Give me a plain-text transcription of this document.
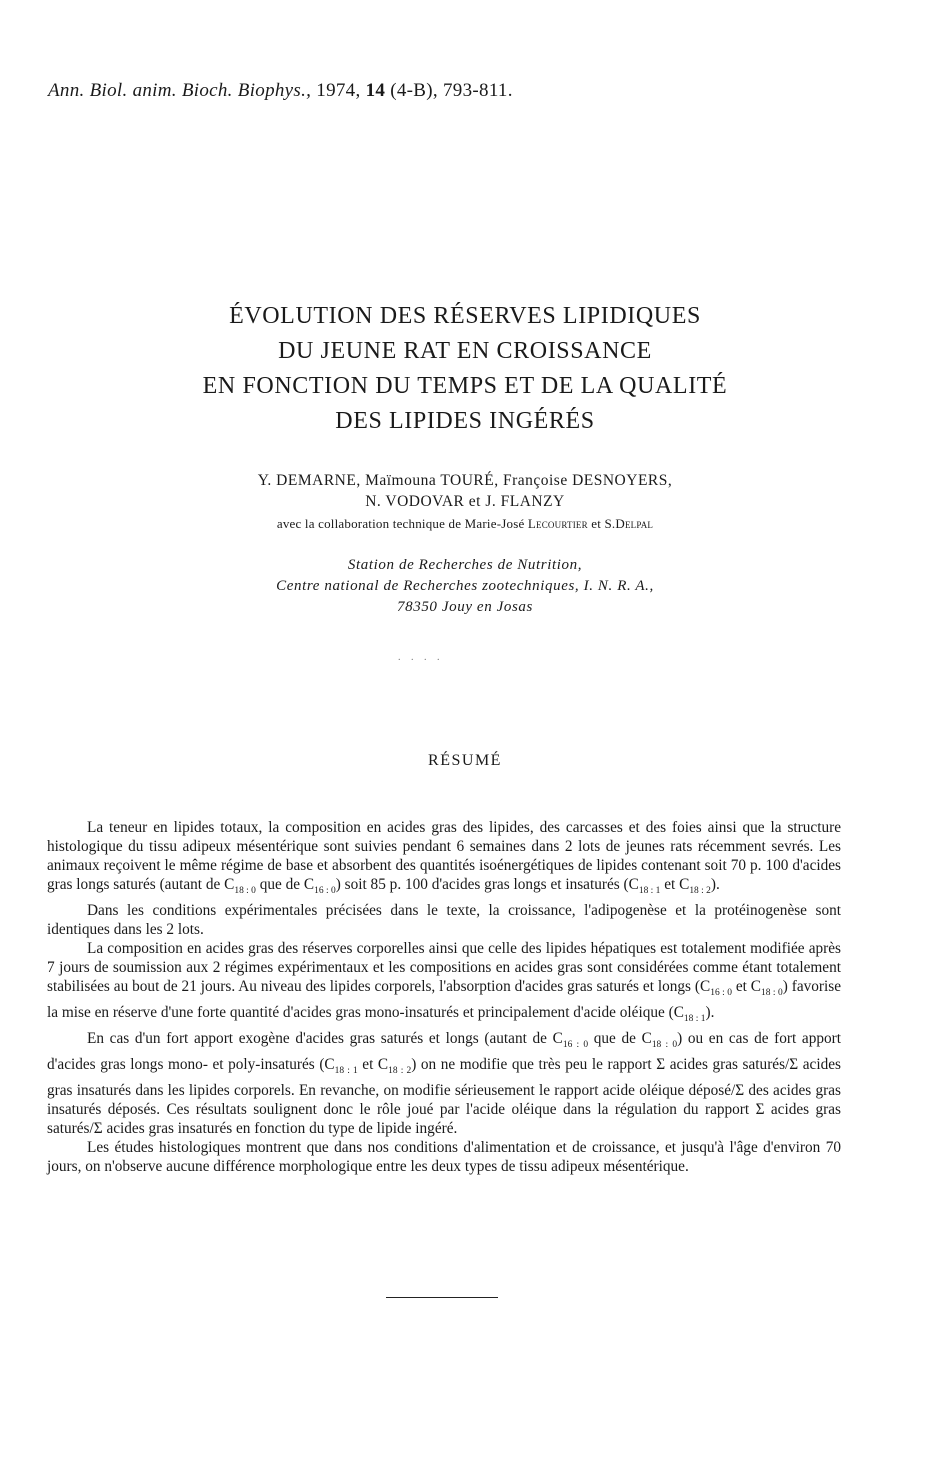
Ann. Biol. anim. Bioch. Biophys., 1974, 14 (4-B), 793-811.
ÉVOLUTION DES RÉSERVES LIPIDIQUES
DU JEUNE RAT EN CROISSANCE
EN FONCTION DU TEMPS ET DE LA QUALITÉ
DES LIPIDES INGÉRÉS
Y. DEMARNE, Maïmouna TOURÉ, Françoise DESNOYERS,
N. VODOVAR et J. FLANZY
avec la collaboration technique de Marie-José Lecourtier et S.Delpal
Station de Recherches de Nutrition,
Centre national de Recherches zootechniques, I. N. R. A.,
78350 Jouy en Josas
. . . .
RÉSUMÉ

La teneur en lipides totaux, la composition en acides gras des lipides, des carcasses et des foies ainsi que la structure histologique du tissu adipeux mésentérique sont suivies pendant 6 semaines dans 2 lots de jeunes rats récemment sevrés. Les animaux reçoivent le même régime de base et absorbent des quantités isoénergétiques de lipides contenant soit 70 p. 100 d'acides gras longs saturés (autant de $C_{18 : 0}$ que de $C_{16 : 0}$) soit 85 p. 100 d'acides gras longs et insaturés ($C_{18 : 1}$ et $C_{18 : 2}$).

Dans les conditions expérimentales précisées dans le texte, la croissance, l'adipogenèse et la protéinogenèse sont identiques dans les 2 lots.

La composition en acides gras des réserves corporelles ainsi que celle des lipides hépatiques est totalement modifiée après 7 jours de soumission aux 2 régimes expérimentaux et les compositions en acides gras sont considérées comme étant totalement stabilisées au bout de 21 jours. Au niveau des lipides corporels, l'absorption d'acides gras saturés et longs ($C_{16 : 0}$ et $C_{18 : 0}$) favorise la mise en réserve d'une forte quantité d'acides gras mono-insaturés et principalement d'acide oléique $(C_{18 : 1})$.

En cas d'un fort apport exogène d'acides gras saturés et longs (autant de $C_{16 : 0}$ que de $C_{18 : 0}$) ou en cas de fort apport d'acides gras longs mono- et poly-insaturés ($C_{18 : 1}$ et $C_{18 : 2}$) on ne modifie que très peu le rapport Σ acides gras saturés/Σ acides gras insaturés dans les lipides corporels. En revanche, on modifie sérieusement le rapport acide oléique déposé/Σ des acides gras insaturés déposés. Ces résultats soulignent donc le rôle joué par l'acide oléique dans la régulation du rapport Σ acides gras saturés/Σ acides gras insaturés en fonction du type de lipide ingéré.

Les études histologiques montrent que dans nos conditions d'alimentation et de croissance, et jusqu'à l'âge d'environ 70 jours, on n'observe aucune différence morphologique entre les deux types de tissu adipeux mésentérique.
